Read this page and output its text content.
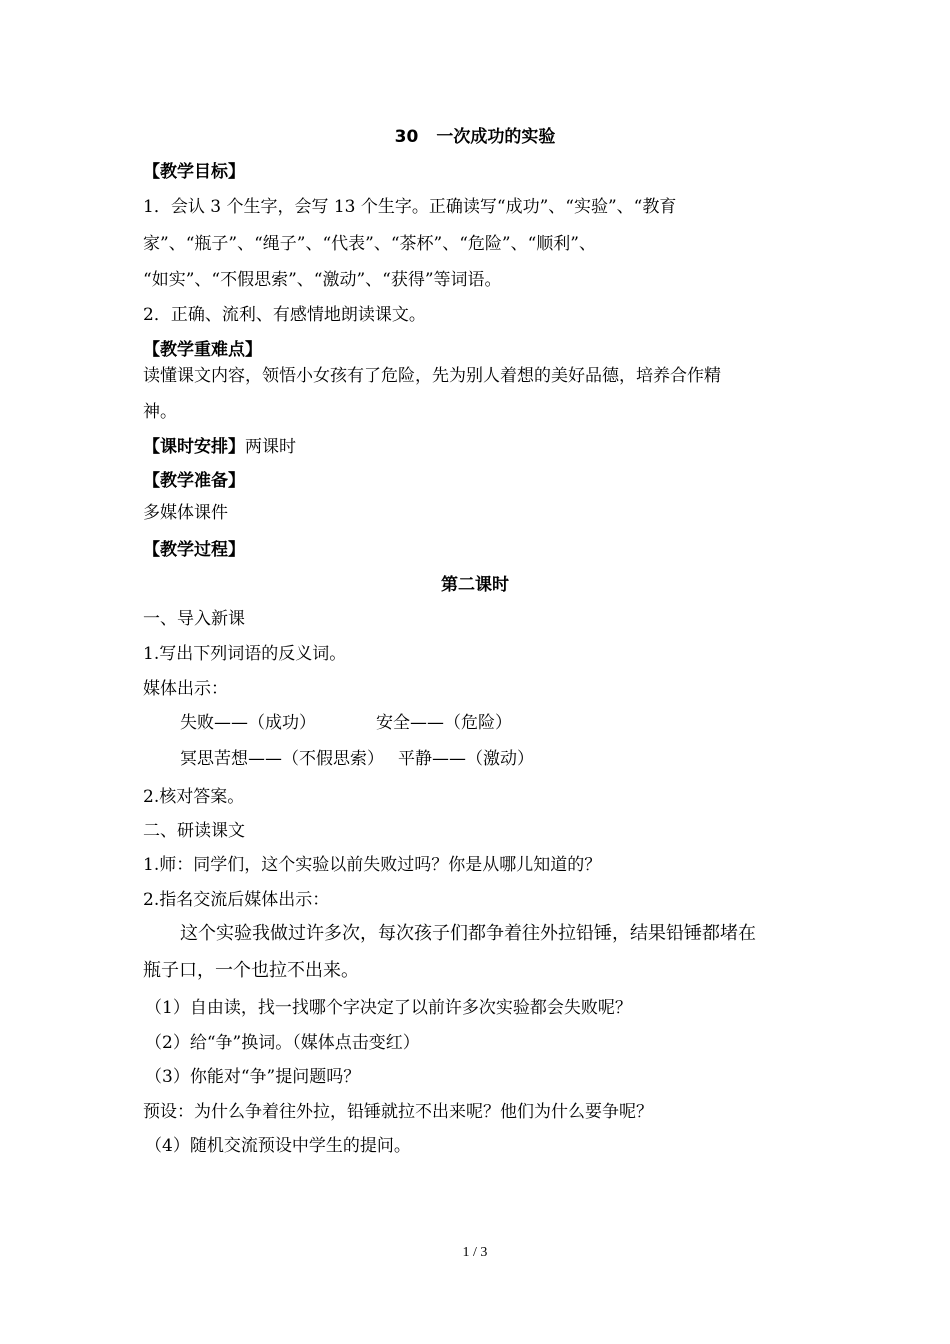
30 一次成功的实验
【教学目标】
1．会认 3 个生字，会写 13 个生字。正确读写“成功”、“实验”、“教育
家”、“瓶子”、“绳子”、“代表”、“茶杯”、“危险”、“顺利”、
“如实”、“不假思索”、“激动”、“获得”等词语。
2．正确、流利、有感情地朗读课文。
【教学重难点】
读懂课文内容，领悟小女孩有了危险，先为别人着想的美好品德，培养合作精
神。
【课时安排】两课时
【教学准备】
多媒体课件
【教学过程】
第二课时
一、导入新课
1.写出下列词语的反义词。
媒体出示：
失败——（成功）	安全——（危险）
冥思苦想——（不假思索） 平静——（激动）
2.核对答案。
二、研读课文
1.师：同学们，这个实验以前失败过吗？你是从哪儿知道的？
2.指名交流后媒体出示：
这个实验我做过许多次，每次孩子们都争着往外拉铅锤，结果铅锤都堵在
瓶子口，一个也拉不出来。
（1）自由读，找一找哪个字决定了以前许多次实验都会失败呢？
（2）给“争”换词。（媒体点击变红）
（3）你能对“争”提问题吗？
预设：为什么争着往外拉，铅锤就拉不出来呢？他们为什么要争呢？
（4）随机交流预设中学生的提问。
1 / 3
